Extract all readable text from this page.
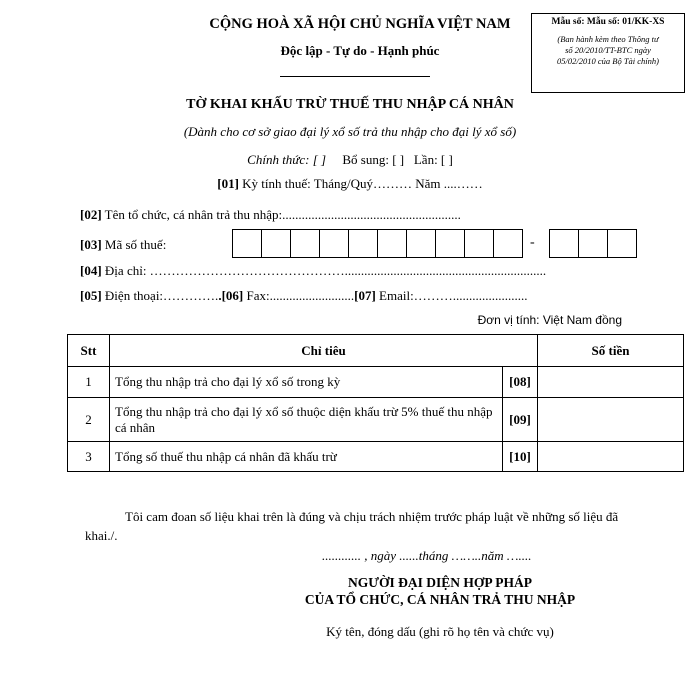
CỘNG HOÀ XÃ HỘI CHỦ NGHĨA VIỆT NAM
Độc lập - Tự do - Hạnh phúc
Mẫu số: Mẫu số: 01/KK-XS
(Ban hành kèm theo Thông tư
số 20/2010/TT-BTC ngày
05/02/2010 của Bộ Tài chính)
TỜ KHAI KHẤU TRỪ THUẾ THU NHẬP CÁ NHÂN
(Dành cho cơ sở giao đại lý xổ số trả thu nhập cho đại lý xổ số)
Chính thức: [ ] Bổ sung: [ ] Lần: [ ]
[01] Kỳ tính thuế: Tháng/Quý……… Năm ....……
[02] Tên tổ chức, cá nhân trả thu nhập:.......................................................
[03] Mã số thuế:	-
[04] Địa chỉ: ………………………………………..............................................................
[05] Điện thoại:…………..[06] Fax:..........................[07] Email:……….......................
Đơn vị tính: Việt Nam đồng
Stt	Chỉ tiêu		Số tiền
1	Tổng thu nhập trả cho đại lý xổ số trong kỳ	[08]	
2	Tổng thu nhập trả cho đại lý xổ số thuộc diện khấu trừ 5% thuế thu nhập cá nhân	[09]	
3	Tổng số thuế thu nhập cá nhân đã khấu trừ	[10]	
Tôi cam đoan số liệu khai trên là đúng và chịu trách nhiệm trước pháp luật về những số liệu đã khai./.
............ , ngày ......tháng ……..năm …....
NGƯỜI ĐẠI DIỆN HỢP PHÁP
CỦA TỔ CHỨC, CÁ NHÂN TRẢ THU NHẬP
Ký tên, đóng dấu (ghi rõ họ tên và chức vụ)
